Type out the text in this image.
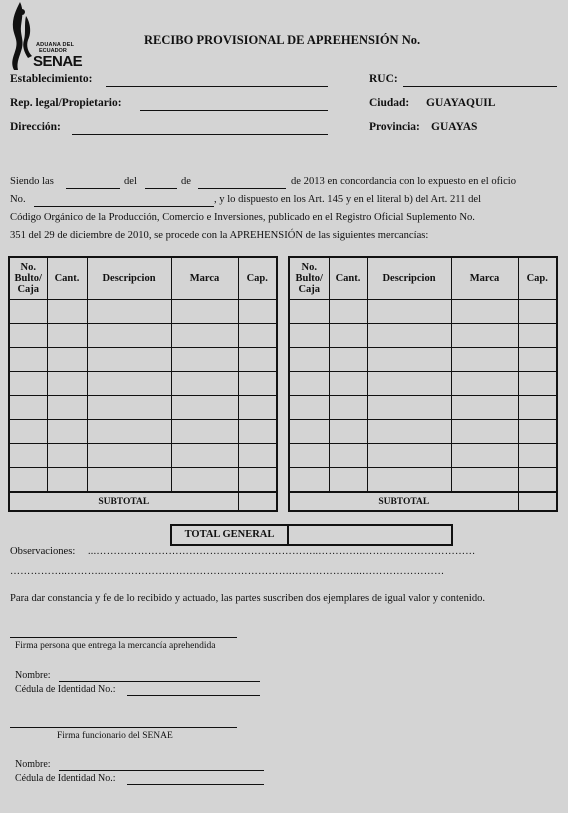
ADUANA DEL
ECUADOR
SENAE
RECIBO PROVISIONAL DE APREHENSIÓN No.
Establecimiento:	RUC:
Rep. legal/Propietario:	Ciudad: GUAYAQUIL
Dirección:	Provincia: GUAYAS
Siendo las	del	de	de 2013 en concordancia con lo expuesto en el oficio
No.	, y lo dispuesto en los Art. 145 y en el literal b) del Art. 211 del
Código Orgánico de la Producción, Comercio e Inversiones, publicado en el Registro Oficial Suplemento No.
351 del 29 de diciembre de 2010, se procede con la APREHENSIÓN de las siguientes mercancías:
No. Bulto/ Caja	Cant.	Descripcion	Marca	Cap.

SUBTOTAL				
No. Bulto/ Caja	Cant.	Descripcion	Marca	Cap.

SUBTOTAL				
TOTAL GENERAL
Observaciones: ...………………………………………………………..………….……………………………
……………..………..……………………………………………….………………...……………………
Para dar constancia y fe de lo recibido y actuado, las partes suscriben dos ejemplares de igual valor y contenido.
Firma persona que entrega la mercancía aprehendida
Nombre:
Cédula de Identidad No.:
Firma funcionario del SENAE
Nombre:
Cédula de Identidad No.:
